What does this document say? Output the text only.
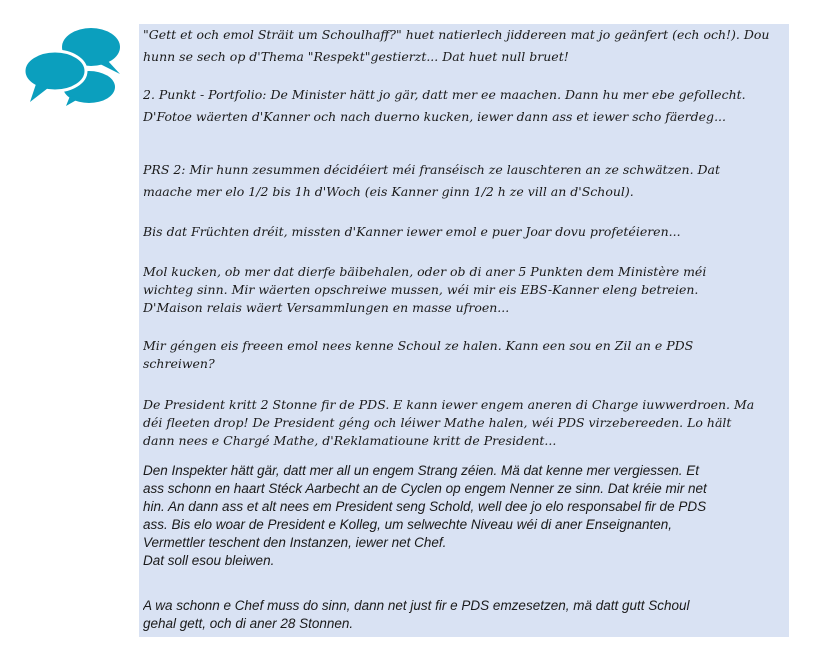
"Gett et och emol Sträit um Schoulhaff?" huet natierlech jiddereen mat jo geänfert (ech och!). Dou
hunn se sech op d'Thema "Respekt"gestierzt... Dat huet null bruet!

2. Punkt - Portfolio: De Minister hätt jo gär, datt mer ee maachen. Dann hu mer ebe gefollecht.
D'Fotoe wäerten d'Kanner och nach duerno kucken, iewer dann ass et iewer scho fäerdeg...

PRS 2: Mir hunn zesummen décidéiert méi franséisch ze lauschteren an ze schwätzen. Dat
maache mer elo 1/2 bis 1h d'Woch (eis Kanner ginn 1/2 h ze vill an d'Schoul).

Bis dat Früchten dréit, missten d'Kanner iewer emol e puer Joar dovu profetéieren...

Mol kucken, ob mer dat dierfe bäibehalen, oder ob di aner 5 Punkten dem Ministère méi
wichteg sinn. Mir wäerten opschreiwe mussen, wéi mir eis EBS-Kanner eleng betreien.
D'Maison relais wäert Versammlungen en masse ufroen...

Mir géngen eis freeen emol nees kenne Schoul ze halen. Kann een sou en Zil an e PDS
schreiwen?

De President kritt 2 Stonne fir de PDS. E kann iewer engem aneren di Charge iuwwerdroen. Ma
déi fleeten drop! De President géng och léiwer Mathe halen, wéi PDS virzebereeden. Lo hält
dann nees e Chargé Mathe, d'Reklamatioune kritt de President...

Den Inspekter hätt gär, datt mer all un engem Strang zéien. Mä dat kenne mer vergiessen. Et
ass schonn en haart Stéck Aarbecht an de Cyclen op engem Nenner ze sinn. Dat kréie mir net
hin. An dann ass et alt nees em President seng Schold, well dee jo elo responsabel fir de PDS
ass. Bis elo woar de President e Kolleg, um selwechte Niveau wéi di aner Enseignanten,
Vermettler teschent den Instanzen, iewer net Chef.
Dat soll esou bleiwen.

A wa schonn e Chef muss do sinn, dann net just fir e PDS emzesetzen, mä datt gutt Schoul
gehal gett, och di aner 28 Stonnen.
